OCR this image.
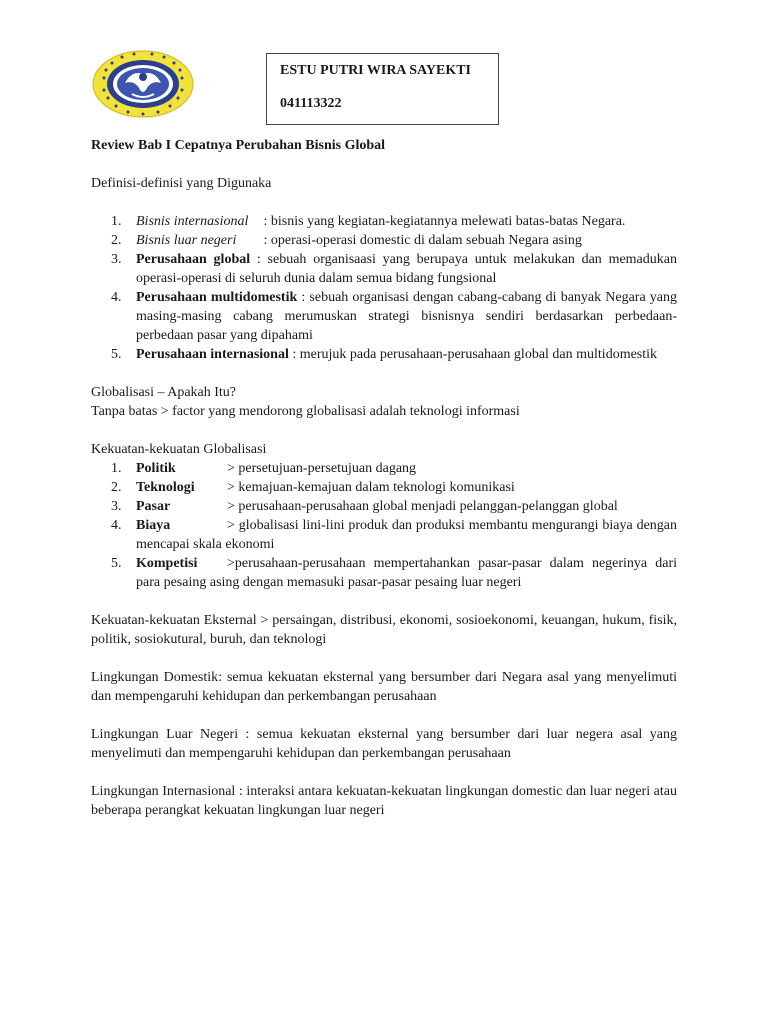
ESTU PUTRI WIRA SAYEKTI
041113322

Review Bab I Cepatnya Perubahan Bisnis Global

Definisi-definisi yang Digunaka

1. Bisnis internasional : bisnis yang kegiatan-kegiatannya melewati batas-batas Negara.
2. Bisnis luar negeri : operasi-operasi domestic di dalam sebuah Negara asing
3. Perusahaan global : sebuah organisaasi yang berupaya untuk melakukan dan memadukan operasi-operasi di seluruh dunia dalam semua bidang fungsional
4. Perusahaan multidomestik : sebuah organisasi dengan cabang-cabang di banyak Negara yang masing-masing cabang merumuskan strategi bisnisnya sendiri berdasarkan perbedaan-perbedaan pasar yang dipahami
5. Perusahaan internasional : merujuk pada perusahaan-perusahaan global dan multidomestik

Globalisasi – Apakah Itu?

Tanpa batas > factor yang mendorong globalisasi adalah teknologi informasi

Kekuatan-kekuatan Globalisasi

1. Politik	> persetujuan-persetujuan dagang
2. Teknologi > kemajuan-kemajuan dalam teknologi komunikasi
3. Pasar	> perusahaan-perusahaan global menjadi pelanggan-pelanggan global
4. Biaya	> globalisasi lini-lini produk dan produksi membantu mengurangi biaya dengan mencapai skala ekonomi
5. Kompetisi >perusahaan-perusahaan mempertahankan pasar-pasar dalam negerinya dari para pesaing asing dengan memasuki pasar-pasar pesaing luar negeri

Kekuatan-kekuatan Eksternal > persaingan, distribusi, ekonomi, sosioekonomi, keuangan, hukum, fisik, politik, sosiokutural, buruh, dan teknologi

Lingkungan Domestik: semua kekuatan eksternal yang bersumber dari Negara asal yang menyelimuti dan mempengaruhi kehidupan dan perkembangan perusahaan

Lingkungan Luar Negeri : semua kekuatan eksternal yang bersumber dari luar negera asal yang menyelimuti dan mempengaruhi kehidupan dan perkembangan perusahaan

Lingkungan Internasional : interaksi antara kekuatan-kekuatan lingkungan domestic dan luar negeri atau beberapa perangkat kekuatan lingkungan luar negeri
